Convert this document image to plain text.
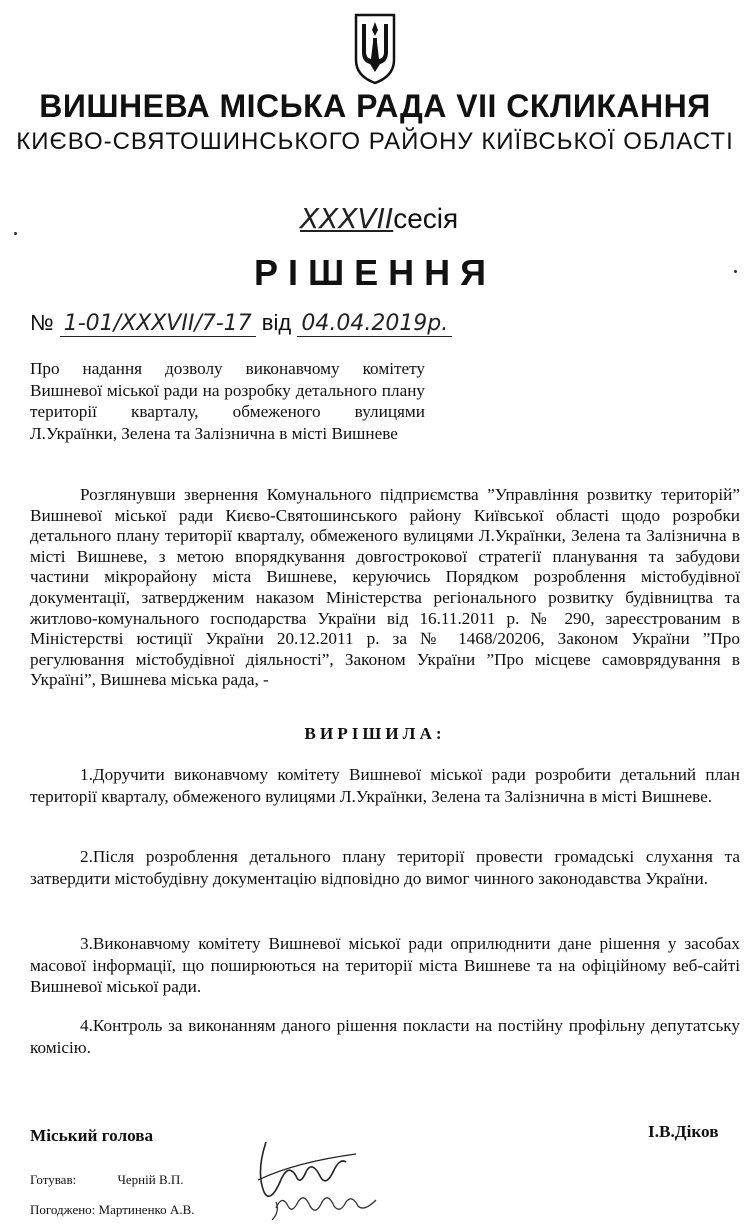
ВИШНЕВА МІСЬКА РАДА VII СКЛИКАННЯ
КИЄВО-СВЯТОШИНСЬКОГО РАЙОНУ КИЇВСЬКОЇ ОБЛАСТІ
XXXVIIсесія
РІШЕННЯ
№ 1-01/XXXVII/7-17 від 04.04.2019р.
Про надання дозволу виконавчому комітету Вишневої міської ради на розробку детального плану території кварталу, обмеженого вулицями Л.Українки, Зелена та Залізнична в місті Вишневе
Розглянувши звернення Комунального підприємства ”Управління розвитку територій” Вишневої міської ради Києво-Святошинського району Київської області щодо розробки детального плану території кварталу, обмеженого вулицями Л.Українки, Зелена та Залізнична в місті Вишневе, з метою впорядкування довгострокової стратегії планування та забудови частини мікрорайону міста Вишневе, керуючись Порядком розроблення містобудівної документації, затвердженим наказом Міністерства регіонального розвитку будівництва та житлово-комунального господарства України від 16.11.2011 р. № 290, зареєстрованим в Міністерстві юстиції України 20.12.2011 р. за № 1468/20206, Законом України ”Про регулювання містобудівної діяльності”, Законом України ”Про місцеве самоврядування в Україні”, Вишнева міська рада, -
ВИРІШИЛА:
1.Доручити виконавчому комітету Вишневої міської ради розробити детальний план території кварталу, обмеженого вулицями Л.Українки, Зелена та Залізнична в місті Вишневе.
2.Після розроблення детального плану території провести громадські слухання та затвердити містобудівну документацію відповідно до вимог чинного законодавства України.
3.Виконавчому комітету Вишневої міської ради оприлюднити дане рішення у засобах масової інформації, що поширюються на території міста Вишневе та на офіційному веб-сайті Вишневої міської ради.
4.Контроль за виконанням даного рішення покласти на постійну профільну депутатську комісію.
Міський голова	І.В.Діков
Готував:	Черній В.П.
Погоджено: Мартиненко А.В.
